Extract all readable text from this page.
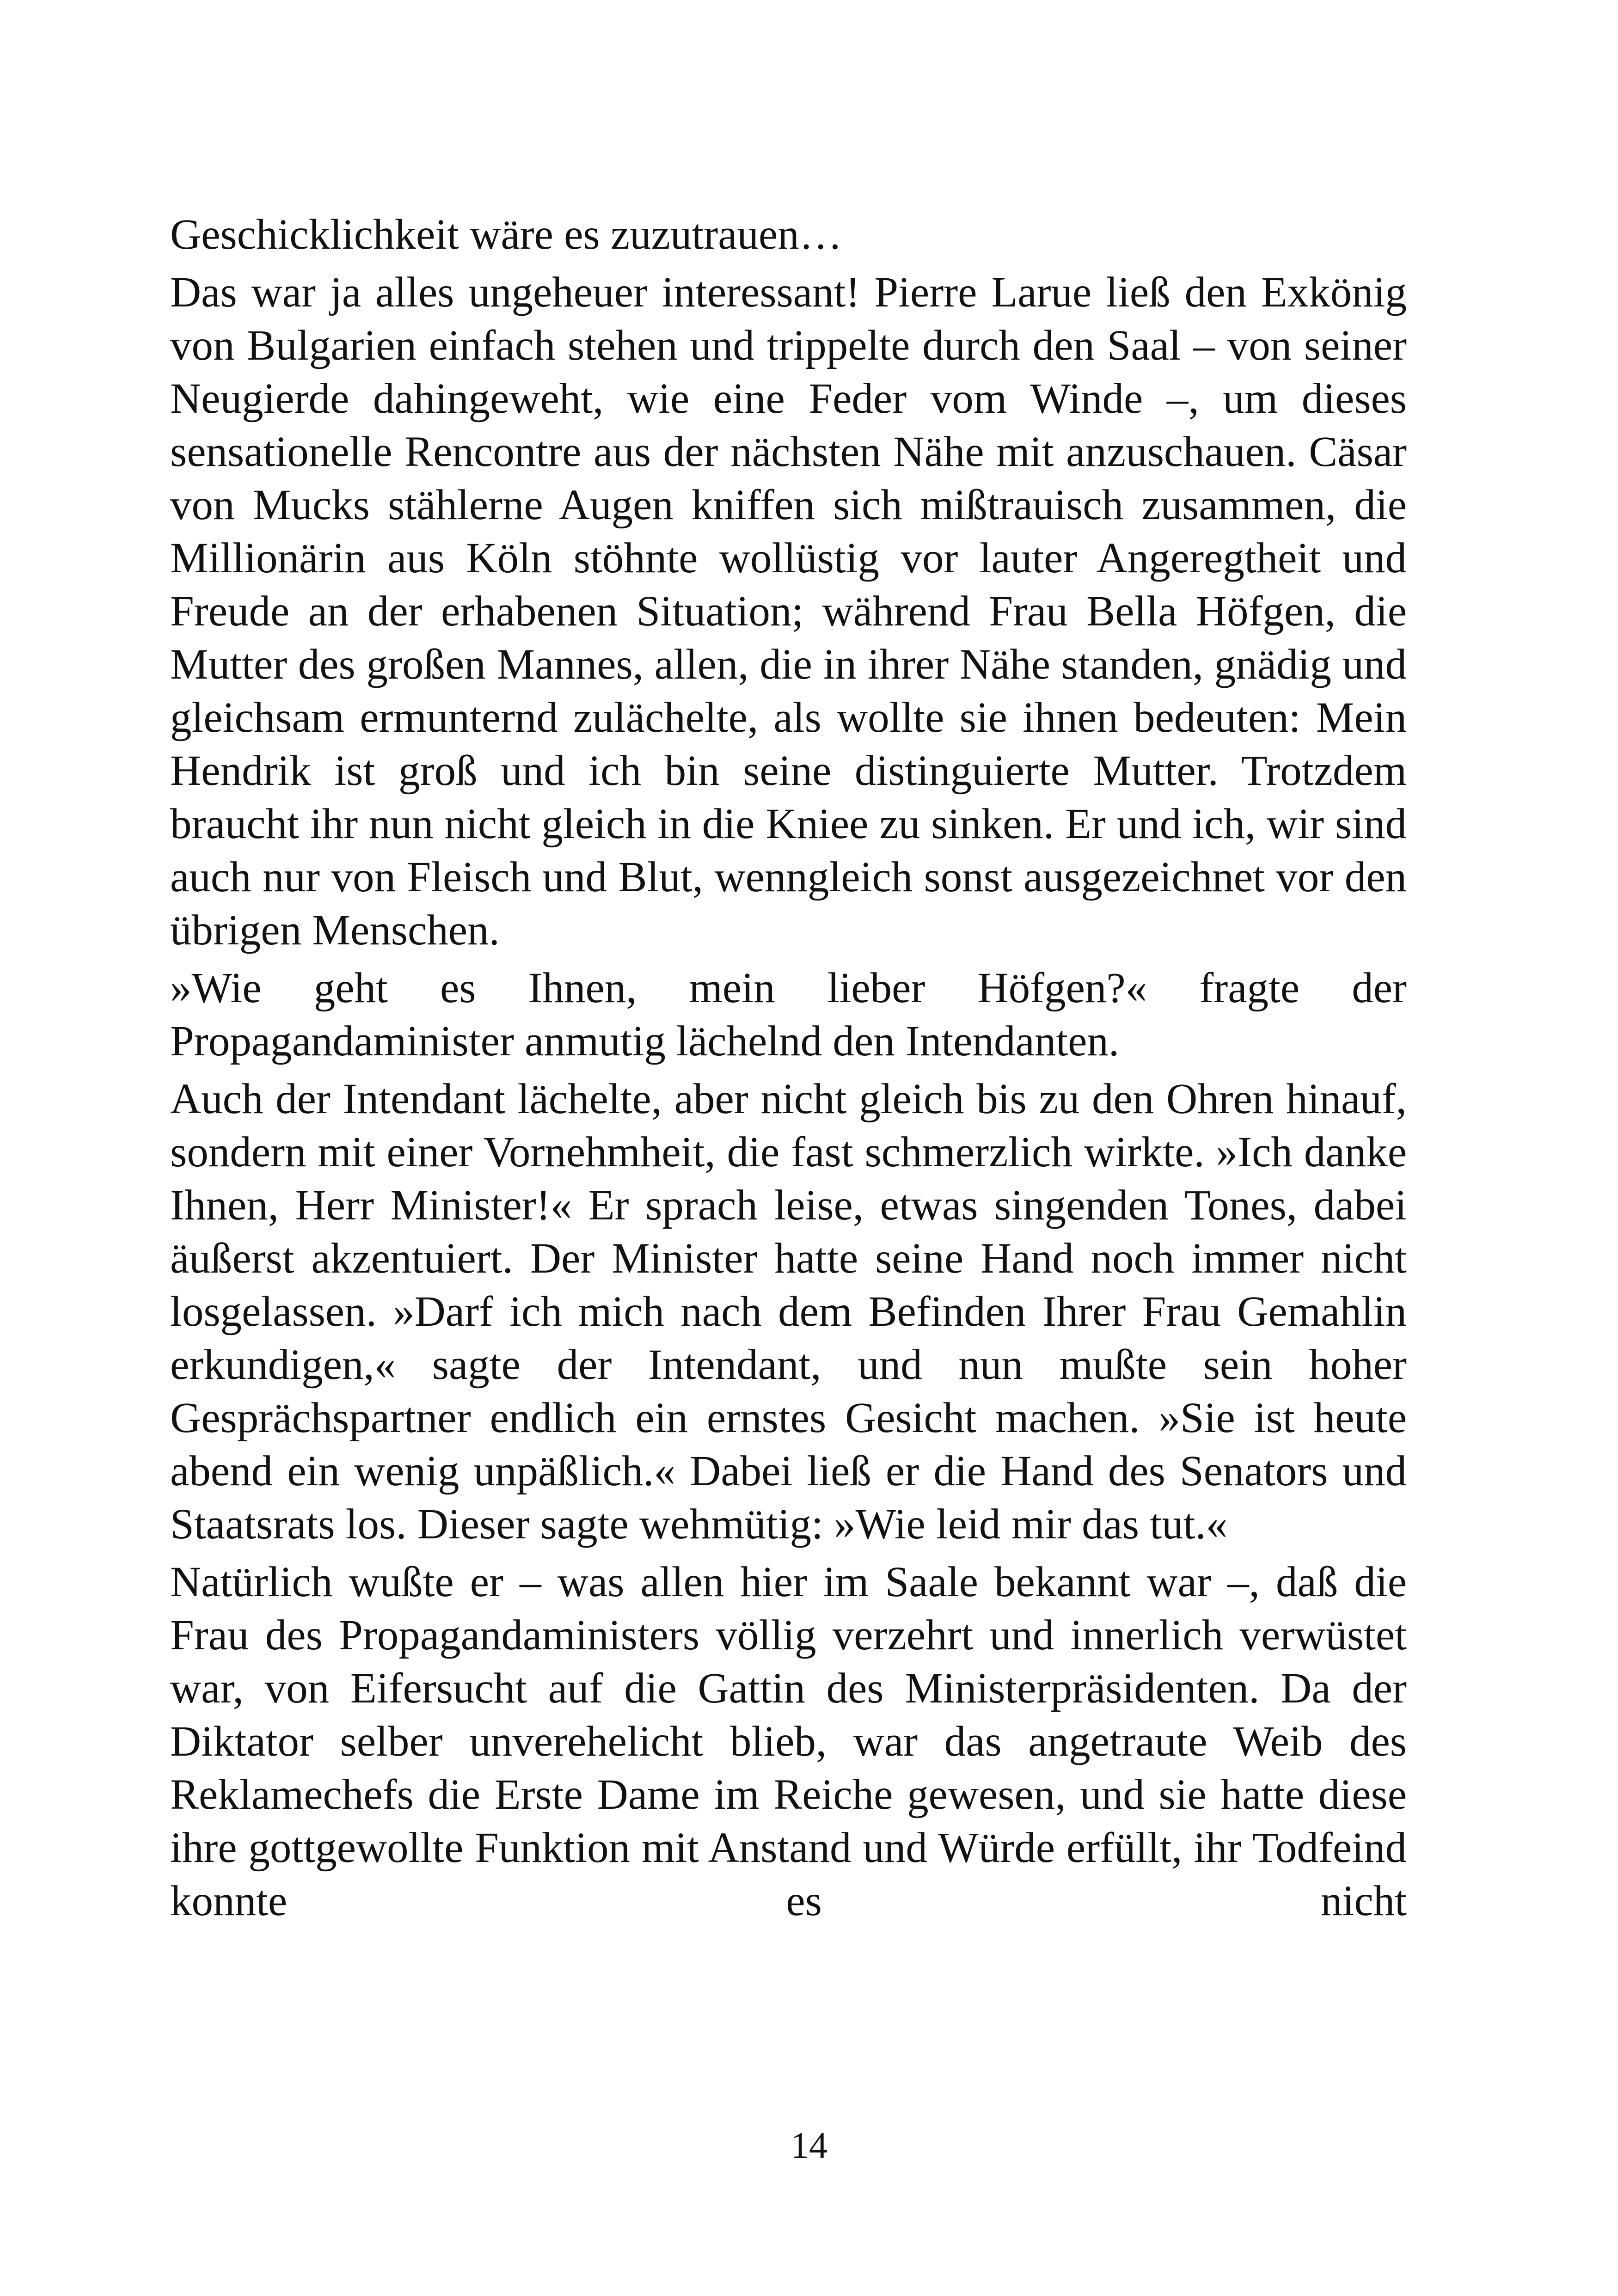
Geschicklichkeit wäre es zuzutrauen…

Das war ja alles ungeheuer interessant! Pierre Larue ließ den Exkönig von Bulgarien einfach stehen und trippelte durch den Saal – von seiner Neugierde dahingeweht, wie eine Feder vom Winde –, um dieses sensationelle Rencontre aus der nächsten Nähe mit anzuschauen. Cäsar von Mucks stählerne Augen kniffen sich mißtrauisch zusammen, die Millionärin aus Köln stöhnte wollüstig vor lauter Angeregtheit und Freude an der erhabenen Situation; während Frau Bella Höfgen, die Mutter des großen Mannes, allen, die in ihrer Nähe standen, gnädig und gleichsam ermunternd zulächelte, als wollte sie ihnen bedeuten: Mein Hendrik ist groß und ich bin seine distinguierte Mutter. Trotzdem braucht ihr nun nicht gleich in die Kniee zu sinken. Er und ich, wir sind auch nur von Fleisch und Blut, wenngleich sonst ausgezeichnet vor den übrigen Menschen.

»Wie geht es Ihnen, mein lieber Höfgen?« fragte der Propagandaminister anmutig lächelnd den Intendanten.

Auch der Intendant lächelte, aber nicht gleich bis zu den Ohren hinauf, sondern mit einer Vornehmheit, die fast schmerzlich wirkte. »Ich danke Ihnen, Herr Minister!« Er sprach leise, etwas singenden Tones, dabei äußerst akzentuiert. Der Minister hatte seine Hand noch immer nicht losgelassen. »Darf ich mich nach dem Befinden Ihrer Frau Gemahlin erkundigen,« sagte der Intendant, und nun mußte sein hoher Gesprächspartner endlich ein ernstes Gesicht machen. »Sie ist heute abend ein wenig unpäßlich.« Dabei ließ er die Hand des Senators und Staatsrats los. Dieser sagte wehmütig: »Wie leid mir das tut.«

Natürlich wußte er – was allen hier im Saale bekannt war –, daß die Frau des Propagandaministers völlig verzehrt und innerlich verwüstet war, von Eifersucht auf die Gattin des Ministerpräsidenten. Da der Diktator selber unverehelicht blieb, war das angetraute Weib des Reklamechefs die Erste Dame im Reiche gewesen, und sie hatte diese ihre gottgewollte Funktion mit Anstand und Würde erfüllt, ihr Todfeind konnte es nicht

14
